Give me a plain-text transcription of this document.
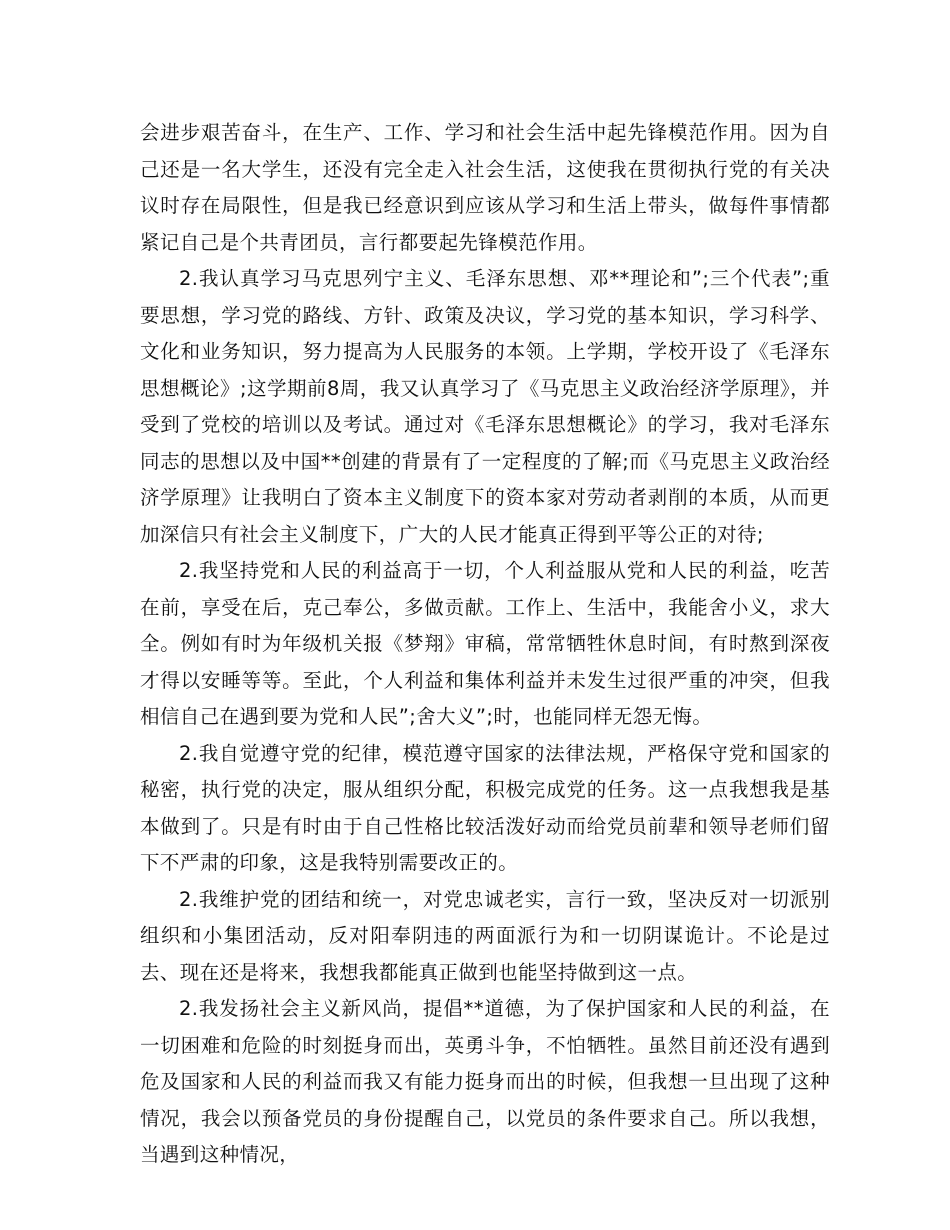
会进步艰苦奋斗，在生产、工作、学习和社会生活中起先锋模范作用。因为自己还是一名大学生，还没有完全走入社会生活，这使我在贯彻执行党的有关决议时存在局限性，但是我已经意识到应该从学习和生活上带头，做每件事情都紧记自己是个共青团员，言行都要起先锋模范作用。

2.我认真学习马克思列宁主义、毛泽东思想、邓**理论和”;三个代表”;重要思想，学习党的路线、方针、政策及决议，学习党的基本知识，学习科学、文化和业务知识，努力提高为人民服务的本领。上学期，学校开设了《毛泽东思想概论》;这学期前8周，我又认真学习了《马克思主义政治经济学原理》，并受到了党校的培训以及考试。通过对《毛泽东思想概论》的学习，我对毛泽东同志的思想以及中国**创建的背景有了一定程度的了解;而《马克思主义政治经济学原理》让我明白了资本主义制度下的资本家对劳动者剥削的本质，从而更加深信只有社会主义制度下，广大的人民才能真正得到平等公正的对待;

2.我坚持党和人民的利益高于一切，个人利益服从党和人民的利益，吃苦在前，享受在后，克己奉公，多做贡献。工作上、生活中，我能舍小义，求大全。例如有时为年级机关报《梦翔》审稿，常常牺牲休息时间，有时熬到深夜才得以安睡等等。至此，个人利益和集体利益并未发生过很严重的冲突，但我相信自己在遇到要为党和人民”;舍大义”;时，也能同样无怨无悔。

2.我自觉遵守党的纪律，模范遵守国家的法律法规，严格保守党和国家的秘密，执行党的决定，服从组织分配，积极完成党的任务。这一点我想我是基本做到了。只是有时由于自己性格比较活泼好动而给党员前辈和领导老师们留下不严肃的印象，这是我特别需要改正的。

2.我维护党的团结和统一，对党忠诚老实，言行一致，坚决反对一切派别组织和小集团活动，反对阳奉阴违的两面派行为和一切阴谋诡计。不论是过去、现在还是将来，我想我都能真正做到也能坚持做到这一点。

2.我发扬社会主义新风尚，提倡**道德，为了保护国家和人民的利益，在一切困难和危险的时刻挺身而出，英勇斗争，不怕牺牲。虽然目前还没有遇到危及国家和人民的利益而我又有能力挺身而出的时候，但我想一旦出现了这种情况，我会以预备党员的身份提醒自己，以党员的条件要求自己。所以我想，当遇到这种情况，
